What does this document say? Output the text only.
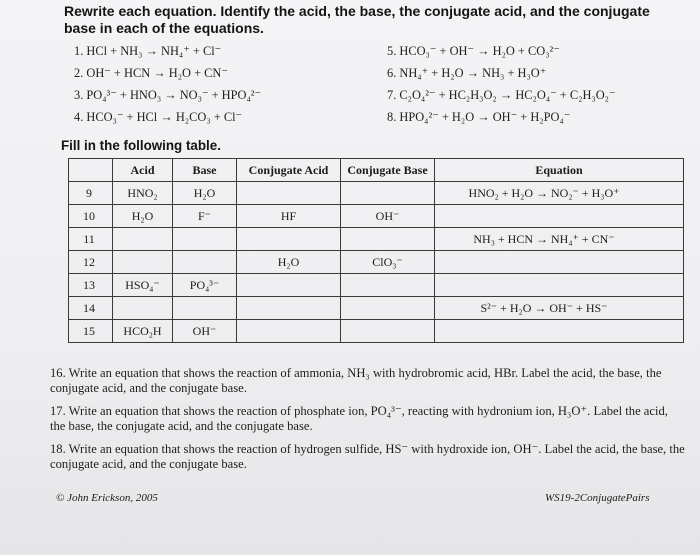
Rewrite each equation. Identify the acid, the base, the conjugate acid, and the conjugate
base in each of the equations.
1. HCl + NH₃ → NH₄⁺ + Cl⁻
2. OH⁻ + HCN → H₂O + CN⁻
3. PO₄³⁻ + HNO₃ → NO₃⁻ + HPO₄²⁻
4. HCO₃⁻ + HCl → H₂CO₃ + Cl⁻
5. HCO₃⁻ + OH⁻ → H₂O + CO₃²⁻
6. NH₄⁺ + H₂O → NH₃ + H₃O⁺
7. C₂O₄²⁻ + HC₂H₃O₂ → HC₂O₄⁻ + C₂H₃O₂⁻
8. HPO₄²⁻ + H₂O → OH⁻ + H₂PO₄⁻
Fill in the following table.
	Acid	Base	Conjugate Acid	Conjugate Base	Equation
9	HNO₂	H₂O			HNO₂ + H₂O → NO₂⁻ + H₃O⁺
10	H₂O	F⁻	HF	OH⁻	
11					NH₃ + HCN → NH₄⁺ + CN⁻
12			H₂O	ClO₃⁻	
13	HSO₄⁻	PO₄³⁻			
14					S²⁻ + H₂O → OH⁻ + HS⁻
15	HCO₂H	OH⁻			
16. Write an equation that shows the reaction of ammonia, NH₃ with hydrobromic acid, HBr. Label the acid, the base, the conjugate acid, and the conjugate base.
17. Write an equation that shows the reaction of phosphate ion, PO₄³⁻, reacting with hydronium ion, H₃O⁺. Label the acid, the base, the conjugate acid, and the conjugate base.
18. Write an equation that shows the reaction of hydrogen sulfide, HS⁻ with hydroxide ion, OH⁻. Label the acid, the base, the conjugate acid, and the conjugate base.
© John Erickson, 2005	WS19-2ConjugatePairs
